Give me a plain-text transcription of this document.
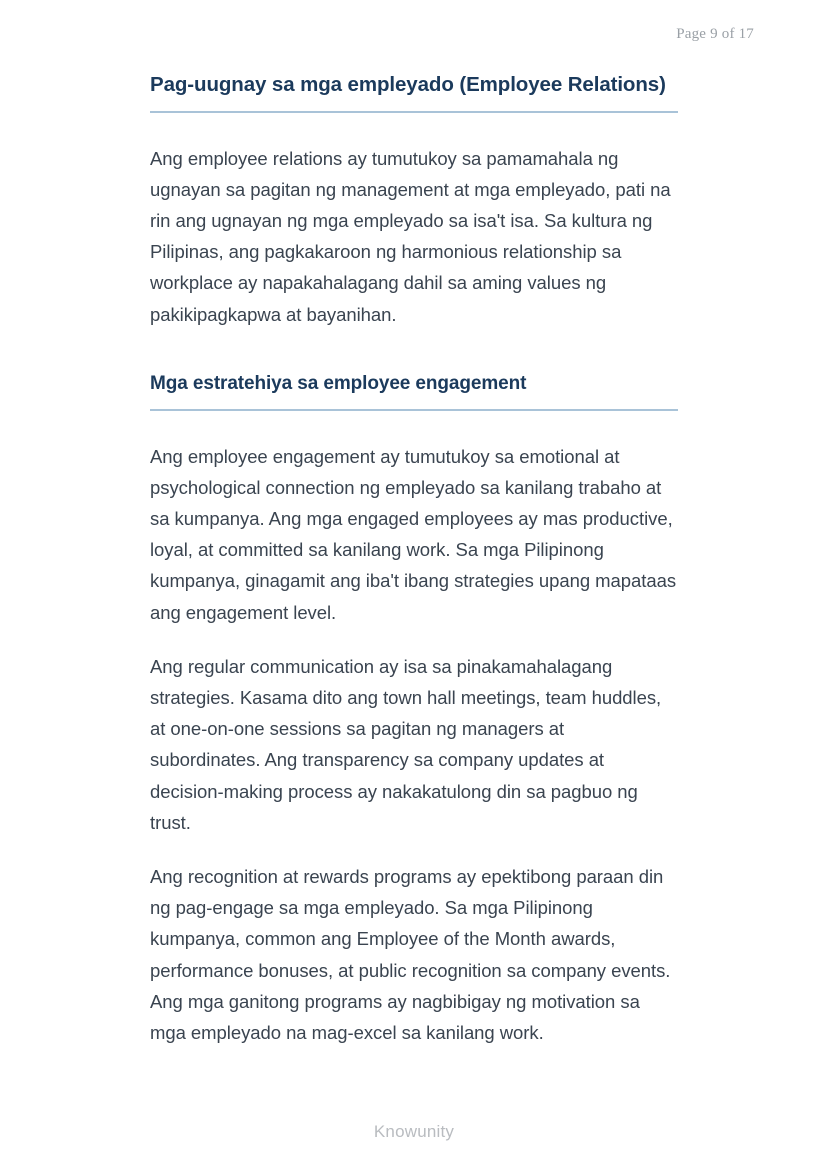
Page 9 of 17
Pag-uugnay sa mga empleyado (Employee Relations)

Ang employee relations ay tumutukoy sa pamamahala ng ugnayan sa pagitan ng management at mga empleyado, pati na rin ang ugnayan ng mga empleyado sa isa't isa. Sa kultura ng Pilipinas, ang pagkakaroon ng harmonious relationship sa workplace ay napakahalagang dahil sa aming values ng pakikipagkapwa at bayanihan.

Mga estratehiya sa employee engagement

Ang employee engagement ay tumutukoy sa emotional at psychological connection ng empleyado sa kanilang trabaho at sa kumpanya. Ang mga engaged employees ay mas productive, loyal, at committed sa kanilang work. Sa mga Pilipinong kumpanya, ginagamit ang iba't ibang strategies upang mapataas ang engagement level.

Ang regular communication ay isa sa pinakamahalagang strategies. Kasama dito ang town hall meetings, team huddles, at one-on-one sessions sa pagitan ng managers at subordinates. Ang transparency sa company updates at decision-making process ay nakakatulong din sa pagbuo ng trust.

Ang recognition at rewards programs ay epektibong paraan din ng pag-engage sa mga empleyado. Sa mga Pilipinong kumpanya, common ang Employee of the Month awards, performance bonuses, at public recognition sa company events. Ang mga ganitong programs ay nagbibigay ng motivation sa mga empleyado na mag-excel sa kanilang work.

Knowunity
